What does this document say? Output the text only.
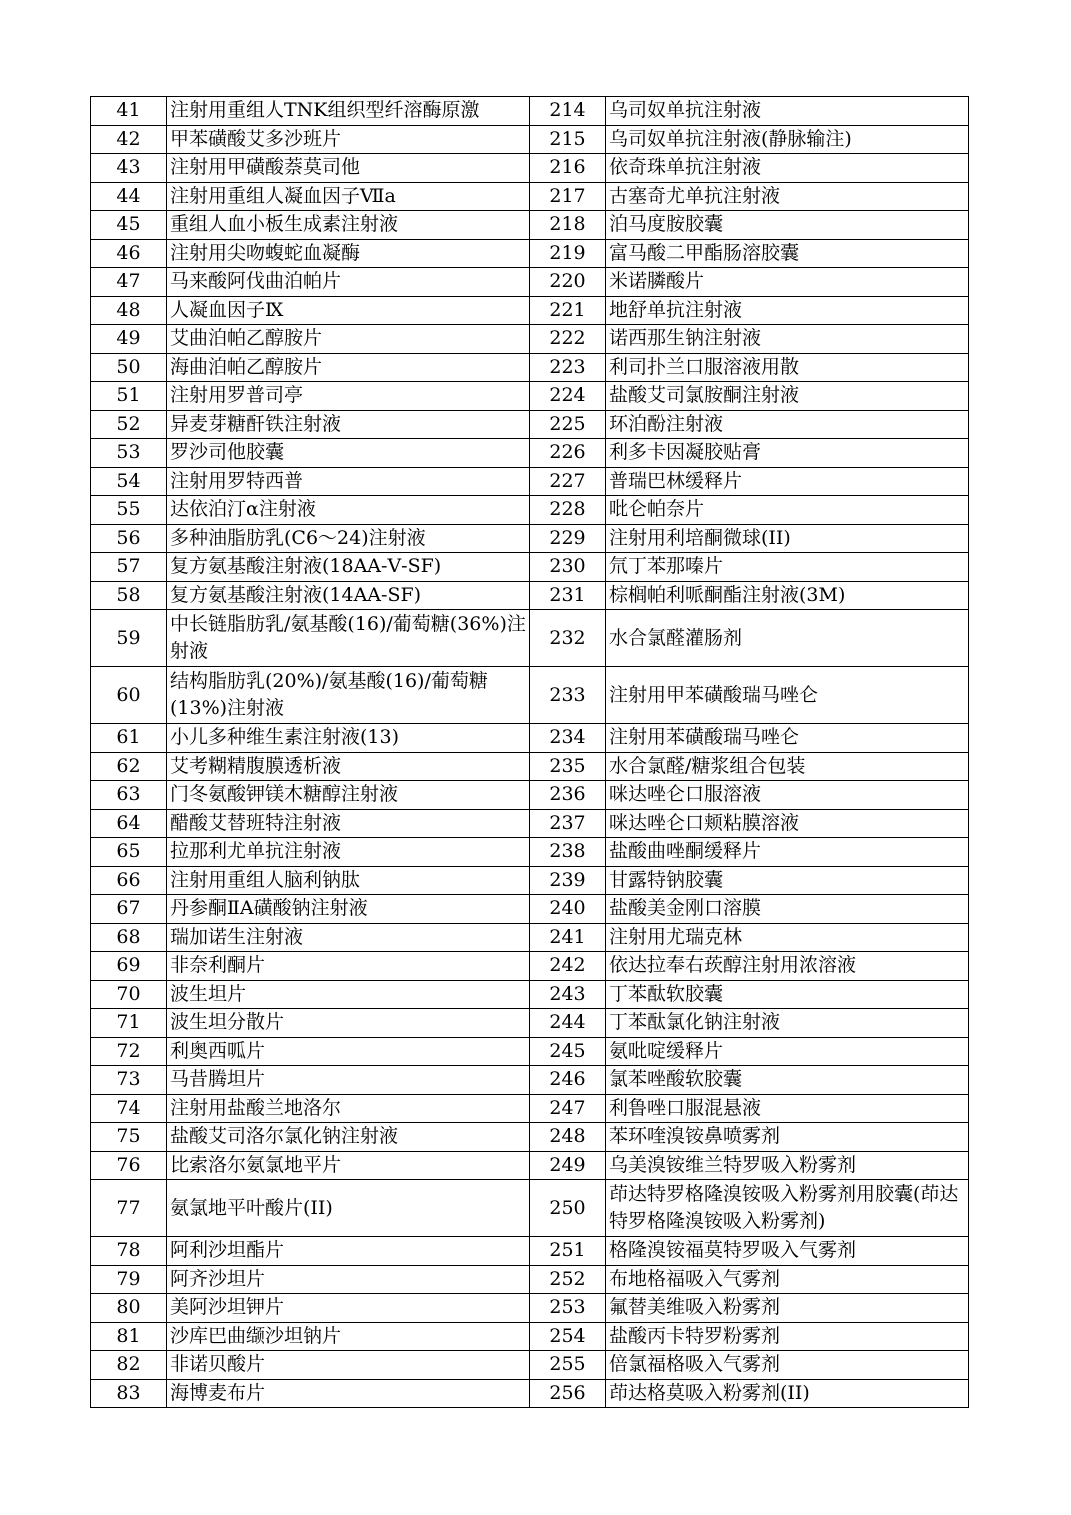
41	注射用重组人TNK组织型纤溶酶原激	214	乌司奴单抗注射液
42	甲苯磺酸艾多沙班片	215	乌司奴单抗注射液(静脉输注)
43	注射用甲磺酸萘莫司他	216	依奇珠单抗注射液
44	注射用重组人凝血因子Ⅶa	217	古塞奇尤单抗注射液
45	重组人血小板生成素注射液	218	泊马度胺胶囊
46	注射用尖吻蝮蛇血凝酶	219	富马酸二甲酯肠溶胶囊
47	马来酸阿伐曲泊帕片	220	米诺膦酸片
48	人凝血因子Ⅸ	221	地舒单抗注射液
49	艾曲泊帕乙醇胺片	222	诺西那生钠注射液
50	海曲泊帕乙醇胺片	223	利司扑兰口服溶液用散
51	注射用罗普司亭	224	盐酸艾司氯胺酮注射液
52	异麦芽糖酐铁注射液	225	环泊酚注射液
53	罗沙司他胶囊	226	利多卡因凝胶贴膏
54	注射用罗特西普	227	普瑞巴林缓释片
55	达依泊汀α注射液	228	吡仑帕奈片
56	多种油脂肪乳(C6～24)注射液	229	注射用利培酮微球(II)
57	复方氨基酸注射液(18AA-Ⅴ-SF)	230	氘丁苯那嗪片
58	复方氨基酸注射液(14AA-SF)	231	棕榈帕利哌酮酯注射液(3M)
59	中长链脂肪乳/氨基酸(16)/葡萄糖(36%)注射液	232	水合氯醛灌肠剂
60	结构脂肪乳(20%)/氨基酸(16)/葡萄糖(13%)注射液	233	注射用甲苯磺酸瑞马唑仑
61	小儿多种维生素注射液(13)	234	注射用苯磺酸瑞马唑仑
62	艾考糊精腹膜透析液	235	水合氯醛/糖浆组合包装
63	门冬氨酸钾镁木糖醇注射液	236	咪达唑仑口服溶液
64	醋酸艾替班特注射液	237	咪达唑仑口颊粘膜溶液
65	拉那利尤单抗注射液	238	盐酸曲唑酮缓释片
66	注射用重组人脑利钠肽	239	甘露特钠胶囊
67	丹参酮ⅡA磺酸钠注射液	240	盐酸美金刚口溶膜
68	瑞加诺生注射液	241	注射用尤瑞克林
69	非奈利酮片	242	依达拉奉右莰醇注射用浓溶液
70	波生坦片	243	丁苯酞软胶囊
71	波生坦分散片	244	丁苯酞氯化钠注射液
72	利奥西呱片	245	氨吡啶缓释片
73	马昔腾坦片	246	氯苯唑酸软胶囊
74	注射用盐酸兰地洛尔	247	利鲁唑口服混悬液
75	盐酸艾司洛尔氯化钠注射液	248	苯环喹溴铵鼻喷雾剂
76	比索洛尔氨氯地平片	249	乌美溴铵维兰特罗吸入粉雾剂
77	氨氯地平叶酸片(II)	250	茚达特罗格隆溴铵吸入粉雾剂用胶囊(茚达特罗格隆溴铵吸入粉雾剂)
78	阿利沙坦酯片	251	格隆溴铵福莫特罗吸入气雾剂
79	阿齐沙坦片	252	布地格福吸入气雾剂
80	美阿沙坦钾片	253	氟替美维吸入粉雾剂
81	沙库巴曲缬沙坦钠片	254	盐酸丙卡特罗粉雾剂
82	非诺贝酸片	255	倍氯福格吸入气雾剂
83	海博麦布片	256	茚达格莫吸入粉雾剂(II)
